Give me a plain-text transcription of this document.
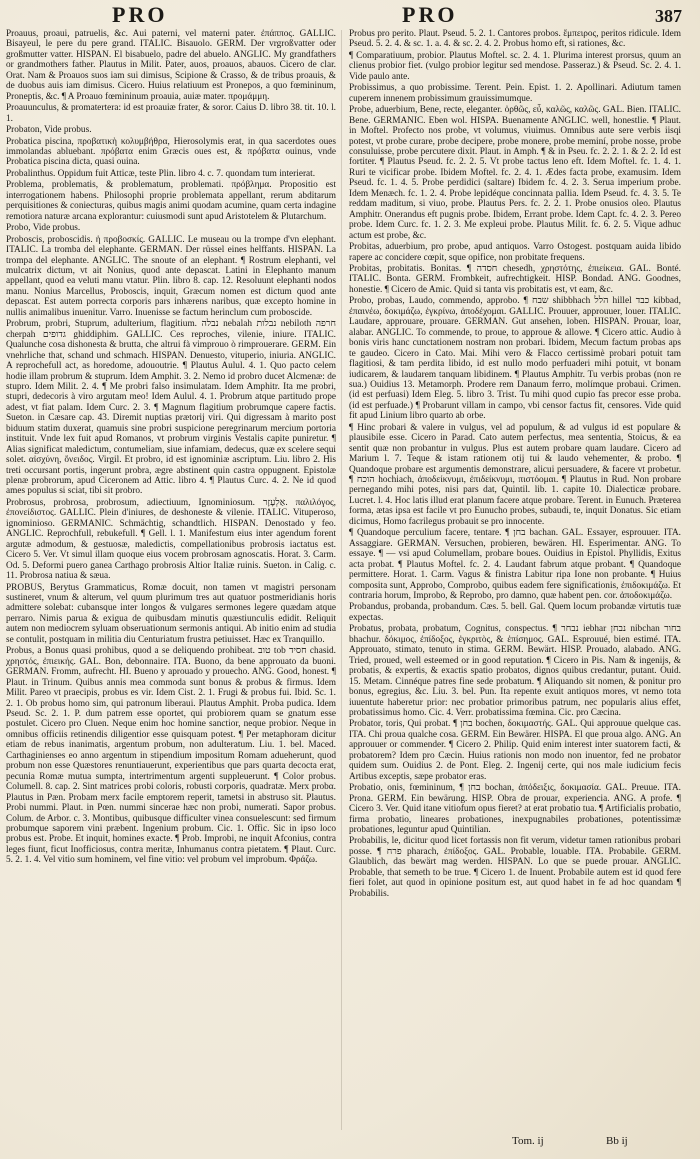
PRO	PRO	387

Proauus, proaui, patruelis, &c. Aui paterni, vel materni pater. ἐπάππος. GALLIC. Bisayeul, le pere du pere grand. ITALIC. Bisauolo. GERM. Der vrgroßvatter oder großmutter vatter. HISPAN. El bisabuelo, padre del abuelo. ANGLIC. My grandfathers or grandmothers father. Plautus in Milit. Pater, auos, proauos, abauos. Cicero de clar. Orat. Nam & Proauos suos iam sui dimisus, Scipione & Crasso, & de tribus proauis, & de duobus auis iam dimisus. Cicero. Huius relatiuum est Pronepos, a quo fœmininum, Proneptis, &c. ¶ A Proauo fœmininum proauia, auiæ mater. προμάμμη.

Proauunculus, & promatertera: id est proauiæ frater, & soror. Caius D. libro 38. tit. 10. l. 1.

Probaton, Vide probus.

Probatica piscina, προβατικὴ κολυμβήθρα, Hierosolymis erat, in qua sacerdotes oues immolandas abluebant. πρόβατα enim Græcis oues est, & πρόβατα ouinus, vnde Probatica piscina dicta, quasi ouina.

Probalinthus. Oppidum fuit Atticæ, teste Plin. libro 4. c. 7. quondam tum interierat.

Problema, problematis, & problematum, problemati. πρόβλημα. Propositio est interrogationem habens. Philosophi proprie problemata appellant, rerum abditarum perquisitiones & coniecturas, quibus magis animi quodam acumine, quam certa indagine remotiora naturæ arcana explorantur: cuiusmodi sunt apud Aristotelem & Plutarchum.

Probo, Vide probus.

Proboscis, proboscidis. ἡ προβοσκίς. GALLIC. Le museau ou la trompe d'vn elephant. ITALIC. La tromba del elephante. GERMAN. Der rüssel eines helffants. HISPAN. La trompa del elephante. ANGLIC. The snoute of an elephant. ¶ Rostrum elephanti, vel mulcatrix dictum, vt ait Nonius, quod ante depascat. Latini in Elephanto manum appellant, quod ea veluti manu vtatur. Plin. libro 8. cap. 12. Resoluunt elephanti nodos manu. Nonius Marcellus, Proboscis, inquit, Græcum nomen est dictum quod ante depascat. Est autem porrecta corporis pars inhærens naribus, quæ excepto homine in nullis animalibus inuenitur. Varro. Inuenisse se factum herinclum cum proboscide.

Probrum, probri, Stuprum, adulterium, flagitium. נבלה nebalah נבלות nebiloth חרפה cherpah גדופים ghiddiphim. GALLIC. Ces reproches, vilenie, iniure. ITALIC. Qualunche cosa dishonesta & brutta, che altrui fà vimprouo ò rimprouerare. GERM. Ein vnehrliche that, schand und schmach. HISPAN. Denuesto, vituperio, iniuria. ANGLIC. A reprochefull act, as horedome, adououtrie. ¶ Plautus Aulul. 4. 1. Quo pacto celem hodie illam probrum & stuprum. Idem Amphit. 3. 2. Nemo id probro ducet Alcmenæ: de stupro. Idem Milit. 2. 4. ¶ Me probri falso insimulatam. Idem Amphitr. Ita me probri, stupri, dedecoris à viro argutam meo! Idem Aulul. 4. 1. Probrum atque partitudo prope adest, vt fiat palam. Idem Curc. 2. 3. ¶ Magnum flagitium probrumque capere factis. Sueton. in Cæsare cap. 43. Diremit nuptias prætorij viri. Qui digressam à marito post biduum statim duxerat, quamuis sine probri suspicione peregrinarum mercium portoria instituit. Vnde lex fuit apud Romanos, vt probrum virginis Vestalis capite puniretur. ¶ Alias significat maledictum, contumeliam, siue infamiam, dedecus, quæ ex scelere sequi solet. αἰσχύνη, ὄνειδος. Virgil. Et probro, id est ignominiæ ascriptum. Liu. libro 2. His treti occursant portis, ingerunt probra, ægre abstinent quin castra oppugnent. Epistolæ plenæ probrorum, apud Ciceronem ad Attic. libro 4. ¶ Plautus Curc. 4. 2. Ne id quod ames populus si sciat, tibi sit probro.

Probrosus, probrosa, probrosum, adiectiuum, Ignominiosum. אַלְעָזָר. παλιλόγος, ἐπονείδιστος. GALLIC. Plein d'iniures, de deshoneste & vilenie. ITALIC. Vituperoso, ignominioso. GERMANIC. Schmächtig, schandtlich. HISPAN. Denostado y feo. ANGLIC. Reprochfull, rebukefull. ¶ Gell. l. 1. Manifestum eius inter agendum forent argutæ admodum, & gestuosæ, maledictis, compellationibus probrosis iactatus est. Cicero 5. Ver. Vt simul illam quoque eius vocem probrosam agnoscatis. Horat. 3. Carm. Od. 5. Deformi puero ganea Carthago probrosis Altior Italiæ ruinis. Sueton. in Calig. c. 11. Probrosa natiua & sæua.

PROBUS, Berytus Grammaticus, Romæ docuit, non tamen vt magistri personam sustineret, vnum & alterum, vel quum plurimum tres aut quatuor postmeridianis horis admittere solebat: cubansque inter longos & vulgares sermones legere quædam atque perraro. Nimis parua & exigua de quibusdam minutis quæstiunculis edidit. Reliquit autem non mediocrem syluam obseruationum sermonis antiqui. Ab initio enim ad studia se contulit, postquam in militia diu Centuriatum frustra petiuisset. Hæc ex Tranquillo.

Probus, a Bonus quasi prohibus, quod a se deliquendo prohibeat. טוב tob חסיד chasid. χρηστός, ἐπιεικής. GAL. Bon, debonnaire. ITA. Buono, da bene approuato da buoni. GERMAN. Fromm, aufrecht. HI. Bueno y aprouado y prouecho. ANG. Good, honest. ¶ Plaut. in Trinum. Quibus annis mea commoda sunt bonus & probus & firmus. Idem Milit. Pareo vt praecipis, probus es vir. Idem Cist. 2. 1. Frugi & probus fui. Ibid. Sc. 1. 2. 1. Ob probus homo sim, qui patronum liberaui. Plautus Amphit. Proba pudica. Idem Pseud. Sc. 2. 1. P. dum patrem esse oportet, qui probiorem quam se gnatum esse postulet. Cicero pro Cluen. Neque enim hoc homine sanctior, neque probior. Neque in omnibus officiis retinendis diligentior esse quisquam potest. ¶ Per metaphoram dicitur etiam de rebus inanimatis, argentum probum, non adulteratum. Liu. 1. bel. Maced. Carthaginienses eo anno argentum in stipendium impositum Romam adueherunt, quod probum non esse Quæstores renuntiauerunt, experientibus que pars quarta decocta erat, pecunia Romæ mutua sumpta, intertrimentum argenti suppleuerunt. ¶ Color probus. Columell. 8. cap. 2. Sint matrices probi coloris, robusti corporis, quadratæ. Merx probα. Plautus in Pæn. Probam merx facile emptorem reperit, tametsi in abstruso sit. Plautus. Probi nummi. Plaut. in Pœn. nummi sincerae hæc non probi, numerati. Sapor probus. Colum. de Arbor. c. 3. Montibus, quibusque difficulter vinea consuelescunt: sed firmum probumque saporem vini præbent. Ingenium probum. Cic. 1. Offic. Sic in ipso loco probus est. Probe. Et inquit, homines exacte. ¶ Prob. Improbi, ne inquit Afconius, contra leges fiunt, ficut Inofficiosus, contra meritæ, Inhumanus contra pietatem. ¶ Plaut. Curc. 5. 2. 1. 4. Vel vitio sum hominem, vel fine vitio: vel probum vel improbum. Φράζω.

Probus pro perito. Plaut. Pseud. 5. 2. 1. Cantores probos. ἔμπειρος, peritos ridicule. Idem Pseud. 5. 2. 4. & sc. 1. a. 4. & sc. 2. 4. 2. Probus homo eft, si rationes, &c.

¶ Comparatiuum, probior. Plautus Moftel. sc. 2. 4. 1. Plurima interest prorsus, quum an clienus probior fiet. (vulgo probior legitur sed mendose. Passeraz.) & Pseud. Sc. 2. 4. 1. Vide paulo ante.

Probissimus, a quo probissime. Terent. Pein. Epist. 1. 2. Apollinari. Adiutum tamen cuperem innenem probissimum grauissimumque.

Probe, aduerbium, Bene, recte, eleganter. ὀρθῶς, εὖ, καλῶς, καλῶς. GAL. Bien. ITALIC. Bene. GERMANIC. Eben wol. HISPA. Buenamente ANGLIC. well, honestlie. ¶ Plaut. in Moftel. Profecto nos probe, vt volumus, viuimus. Omnibus aute sere verbis iisqi potest, vt probe curare, probe decipere, probe monere, probe meminí, probe nosse, probe consuluisse, probe percutere dixit. Plaut. in Amph. ¶ & in Pseu. fc. 2. 2. 1. & 2. 2. Id est fortiter. ¶ Plautus Pseud. fc. 2. 2. 5. Vt probe tactus leno eft. Idem Moftel. fc. 1. 4. 1. Ruri te vicificar probe. Ibidem Moftel. fc. 2. 4. 1. Ædes facta probe, examusim. Idem Pseud. fc. 1. 4. 5. Probe perdidici (saltare) Ibidem fc. 4. 2. 3. Serua imperium probe. Idem Menæch. fc. 1. 2. 4. Probe lepidéque concinnata pallia. Idem Pseud. fc. 4. 3. 5. Te reddam maditum, si viuo, probe. Plautus Pers. fc. 2. 2. 1. Probe onusios oleo. Plautus Amphitr. Onerandus eft pugnis probe. Ibidem, Errant probe. Idem Capt. fc. 4. 2. 3. Pereo probe. Idem Curc. fc. 1. 2. 3. Me expleui probe. Plautus Milit. fc. 6. 2. 5. Vique adhuc actum est probe, &c.

Probitas, aduerbium, pro probe, apud antiquos. Varro Ostogest. postquam auida libido rapere ac concidere cœpit, sque opifice, non probitate frequens.

Probitas, probitatis. Bonitas. ¶ חסדה chesedh, χρηστότης, ἐπιείκεια. GAL. Bonté. ITALIC. Bonta. GERM. Frombkeit, aufrechtigkeit. HISP. Bondad. ANG. Goodnes, honestie. ¶ Cicero de Amic. Quid si tanta vis probitatis est, vt eam, &c.

Probo, probas, Laudo, commendo, approbo. ¶ שבח shibbhach הלל hillel כבד kibbad, ἐπαινέω, δοκιμάζω, ἐγκρίνω, ἀποδέχομαι. GALLIC. Prouuer, approuuer, louer. ITALIC. Laudare, approuare, prouare. GERMAN. Gut ansehen, loben. HISPAN. Prouar, loar, alabar. ANGLIC. To commende, to proue, to approue & allowe. ¶ Cicero attic. Audio à bonis viris hanc cunctationem nostram non probari. Ibidem, Mecum factum probas aps te gaudeo. Cicero in Cato. Mai. Mihi vero & Flacco certissimè probari potuit tam flagitiosi, & tam perdita libido, id est nullo modo perfuaderi mihi potuit, vt bonam iudicarem, & laudarem tanquam libidinem. ¶ Plautus Amphitr. Tu verbis probas (non re sua.) Ouidius 13. Metamorph. Prodere rem Danaum ferro, molímque probaui. Crimen. (id est perfuasi) Idem Eleg. 5. libro 3. Trist. Tu mihi quod cupio fas precor esse proba. (id est perfuade.) ¶ Probarunt villam in campo, vbi censor factus fit, censores. Vide quid fit apud Linium libro quarto ab orbe.

¶ Hinc probari & valere in vulgus, vel ad populum, & ad vulgus id est populare & plausibile esse. Cicero in Parad. Cato autem perfectus, mea sententia, Stoicus, & ea sentit quæ non probantur in vulgus. Plus est autem probare quam laudare. Cicero ad Marium l. 7. Teque & istam rationem otij tui & laudo vehementer, & probo. ¶ Quandoque probare est argumentis demonstrare, alicui persuadere, & facere vt probetur. ¶ הוכח hochiach, ἀποδείκνυμι, ἐπιδείκνυμι, πιστόομαι. ¶ Plautus in Rud. Non probare pernegando mihi potes, nisi pars dat, Quintil. lib. 1. capite 10. Dialecticæ probare. Lucret. l. 4. Hoc latis illud erat planum facere atque probare. Terent. in Eunuch. Præterea forma, ætas ipsa est facile vt pro Eunucho probes, subaudi, te, inquit Donatus. Sic etiam dicimus, Homo facrilegus probauit se pro innocente.

¶ Quandoque perculium facere, tentare. ¶ בחן bachan. GAL. Essayer, esprouuer. ITA. Assaggiare. GERMAN. Versuchen, probieren, bewären. HI. Esperimentar. ANG. To essaye. ¶ — vsi apud Columellam, probare boues. Ouidius in Epistol. Phyllidis, Exitus acta probat. ¶ Plautus Moftel. fc. 2. 4. Laudant fabrum atque probant. ¶ Quandoque permittere. Horat. 1. Carm. Vagus & finistra Labitur ripa Ione non probante. ¶ Huius composita sunt, Approbo, Comprobo, quibus eadem fere significationis, ἐπιδοκιμάζω. Et contraria horum, Improbo, & Reprobo, pro damno, quæ habent pen. cor. ἀποδοκιμάζω.

Probandus, probanda, probandum. Cæs. 5. bell. Gal. Quem locum probandæ virtutis tuæ expectas.

Probatus, probata, probatum, Cognitus, conspectus. ¶ נבחר iebhar נבחן nibchan בחור bhachur. δόκιμος, ἐπίδοξος, ἐγκριτὸς, & ἐπίσημος. GAL. Esprouué, bien estimé. ITA. Approuato, stimato, tenuto in stima. GERM. Bewärt. HISP. Prouado, alabado. ANG. Tried, proued, well esteemed or in good reputation. ¶ Cicero in Pis. Nam & ingenijs, & probatis, & expertis, & exactis spatio probatos, dignos quibus credantur, putant. Ouid. 15. Metam. Cinnéque patres fine sede probatum. ¶ Aliquando sit nomen, & ponitur pro bonus, egregius, &c. Liu. 3. bel. Pun. Ita repente exuit antiquos mores, vt nemo tota iuuentute haberetur prior: nec probatior primoribus patrum, nec popularis alius effet, probatissimus homo. Cic. 4. Verr. probatissima fœmina. Cic. pro Cæcina.

Probator, toris, Qui probat. ¶ בחן bochen, δοκιμαστής. GAL. Qui approuue quelque cas. ITA. Chi proua qualche cosa. GERM. Ein Bewärer. HISPA. El que proua algo. ANG. An approuuer or commender. ¶ Cicero 2. Philip. Quid enim interest inter suatorem facti, & probatorem? Idem pro Cæcin. Huius rationis non modo non inuentor, fed ne probator quidem sum. Ouidius 2. de Pont. Eleg. 2. Ingenij certe, qui nos male iudicium fecis Artibus exceptis, sæpe probator eras.

Probatio, onis, fœmininum, ¶ בחן bochan, ἀπόδειξις, δοκιμασία. GAL. Preuue. ITA. Prona. GERM. Ein bewärung. HISP. Obra de prouar, experiencia. ANG. A profe. ¶ Cicero 3. Ver. Quid itane vitiofum opus fieret? at erat probatio tua. ¶ Artificialis probatio, firma probatio, lineares probationes, inexpugnabiles probationes, potentissimæ probationes, leguntur apud Quintilian.

Probabilis, le, dicitur quod licet fortassis non fit verum, videtur tamen rationibus probari posse. ¶ פרח pharach, ἐπίδοξος. GAL. Probable, louable. ITA. Probabile. GERM. Glaublich, das bewärt mag werden. HISPAN. Lo que se puede prouar. ANGLIC. Probable, that semeth to be true. ¶ Cicero 1. de Inuent. Probabile autem est id quod fere fieri folet, aut quod in opinione positum est, aut quod habet in fe ad hoc quandam ¶ Probabilis.

Tom. ij	Bb ij
